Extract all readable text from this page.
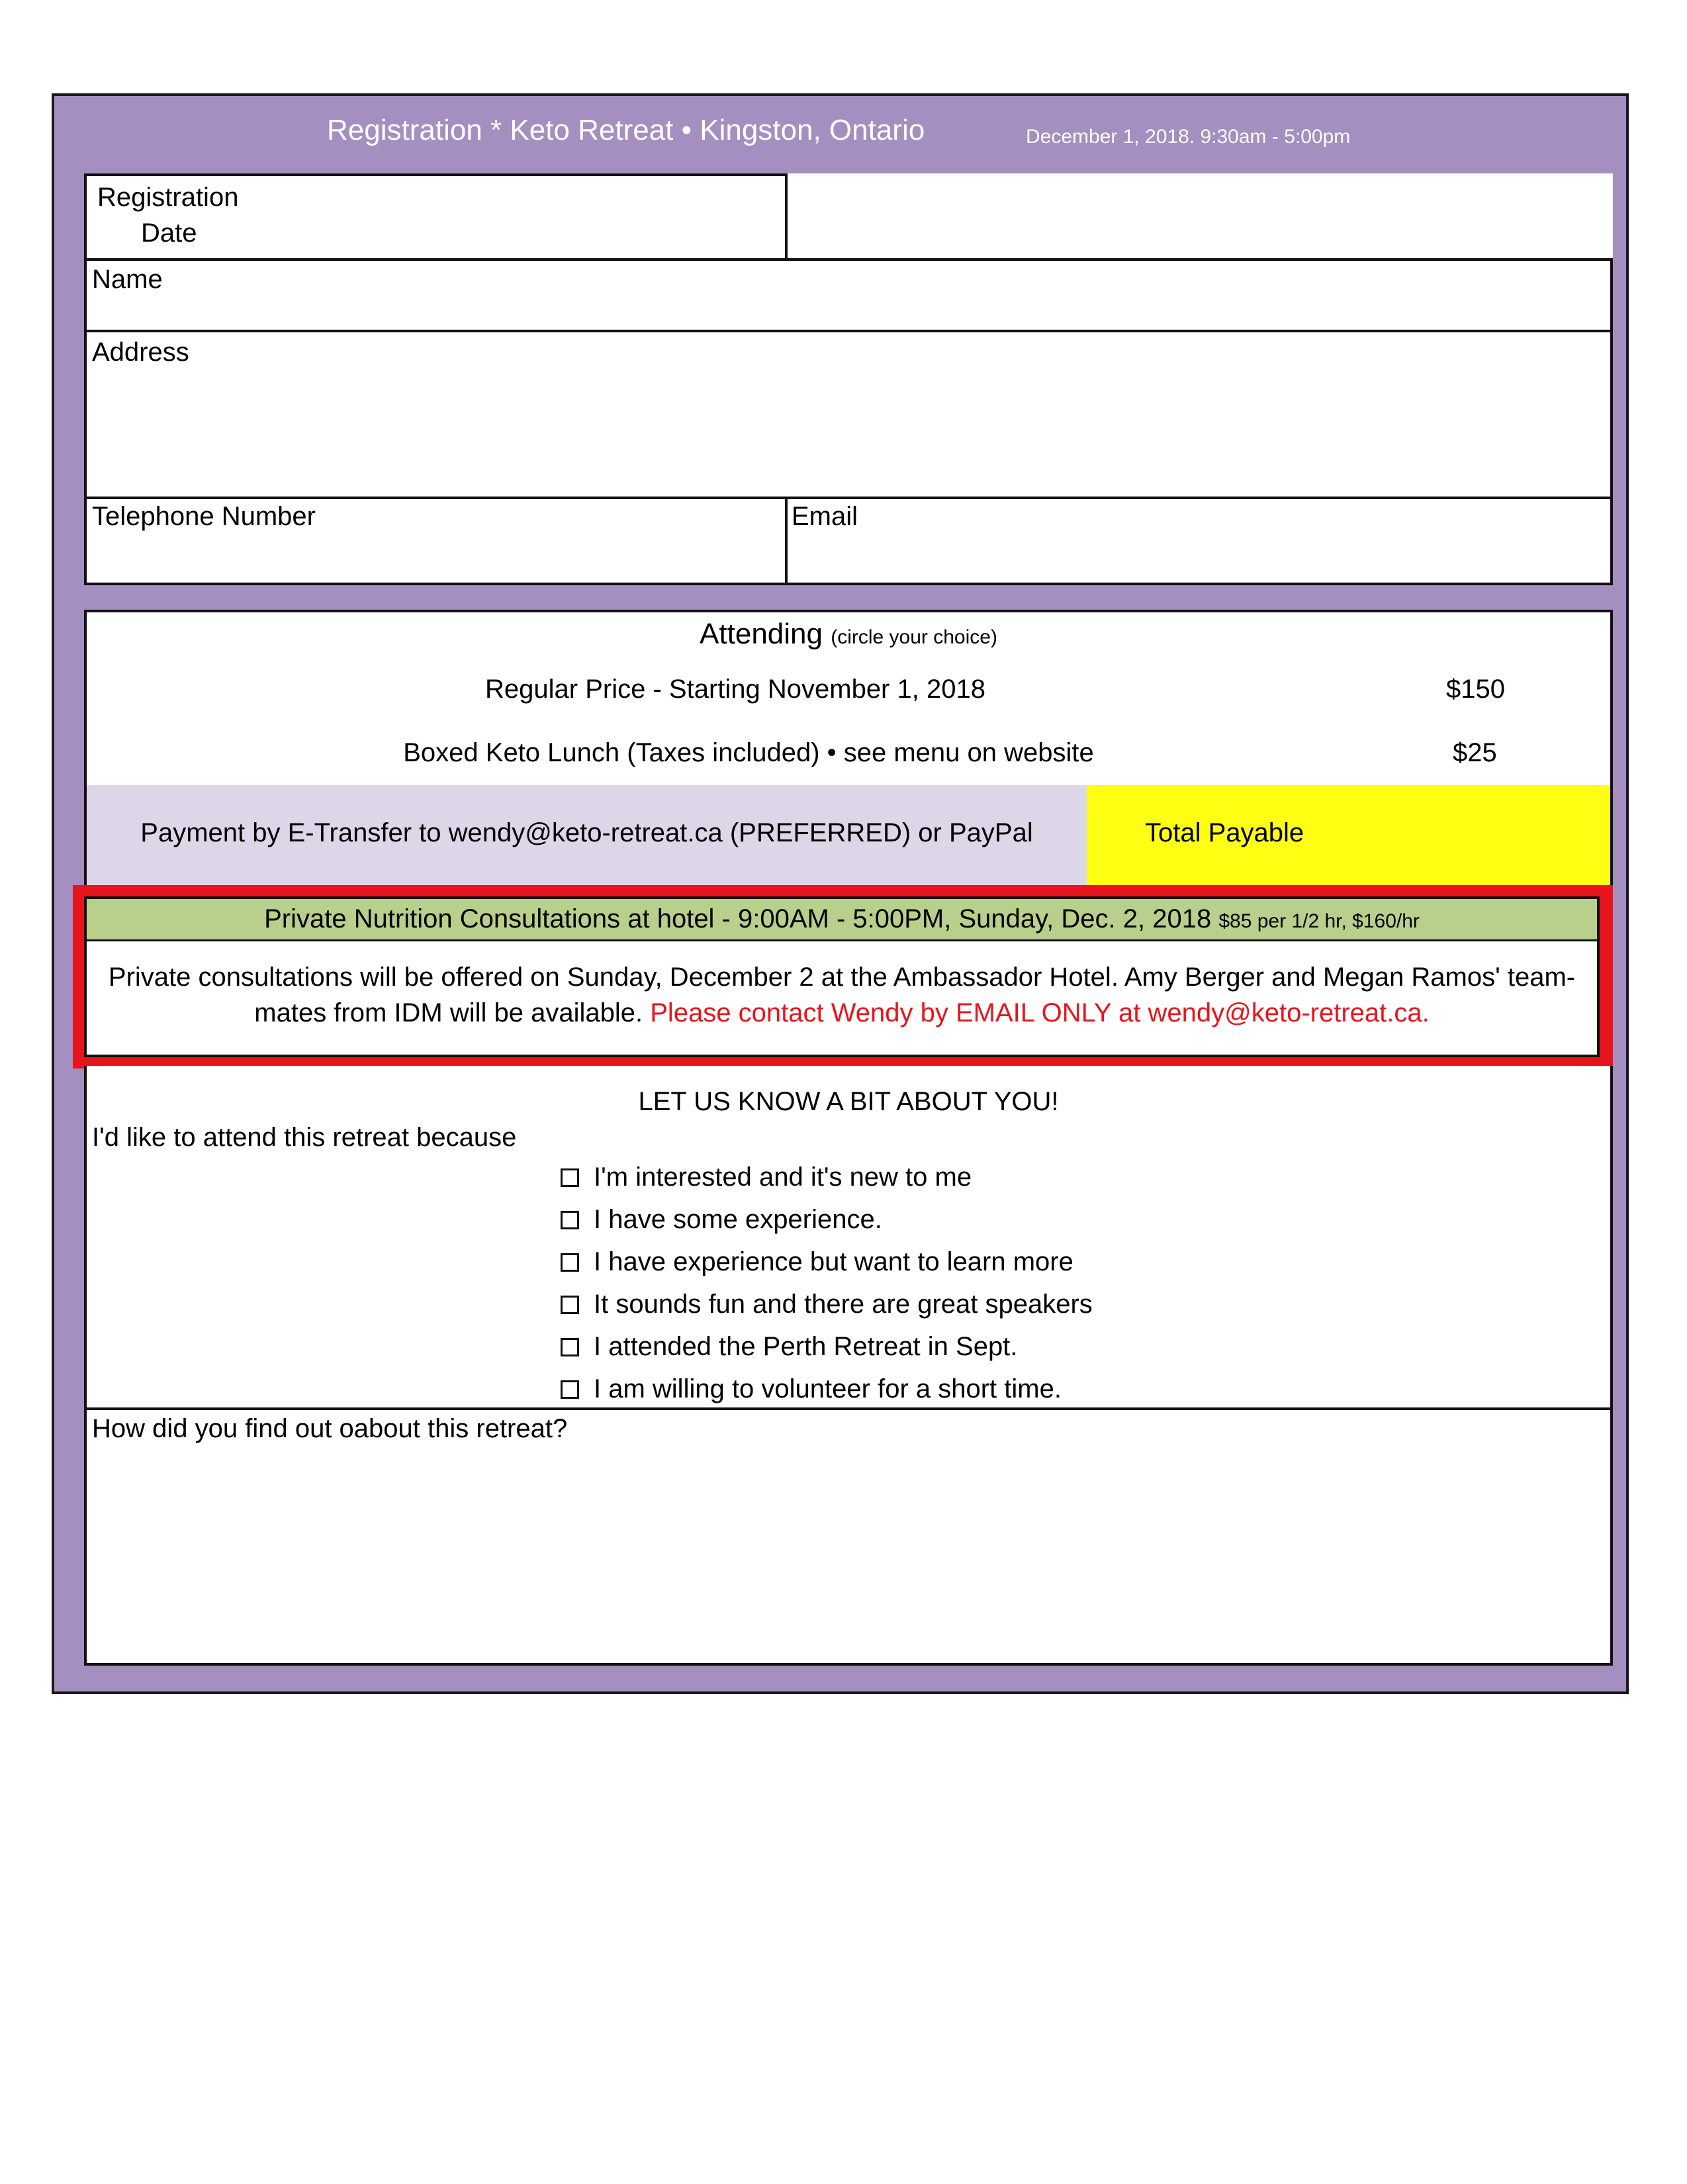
Registration * Keto Retreat • Kingston, Ontario	December 1, 2018. 9:30am - 5:00pm
Registration
Date
Name
Address
Telephone Number	Email
Attending (circle your choice)
Regular Price - Starting November 1, 2018	$150
Boxed Keto Lunch (Taxes included) • see menu on website	$25
Payment by E-Transfer to wendy@keto-retreat.ca (PREFERRED) or PayPal	Total Payable
Private Nutrition Consultations at hotel - 9:00AM - 5:00PM, Sunday, Dec. 2, 2018 $85 per 1/2 hr, $160/hr
Private consultations will be offered on Sunday, December 2 at the Ambassador Hotel. Amy Berger and Megan Ramos' team-
mates from IDM will be available. Please contact Wendy by EMAIL ONLY at wendy@keto-retreat.ca.
LET US KNOW A BIT ABOUT YOU!
I'd like to attend this retreat because
I'm interested and it's new to me
I have some experience.
I have experience but want to learn more
It sounds fun and there are great speakers
I attended the Perth Retreat in Sept.
I am willing to volunteer for a short time.
How did you find out oabout this retreat?
